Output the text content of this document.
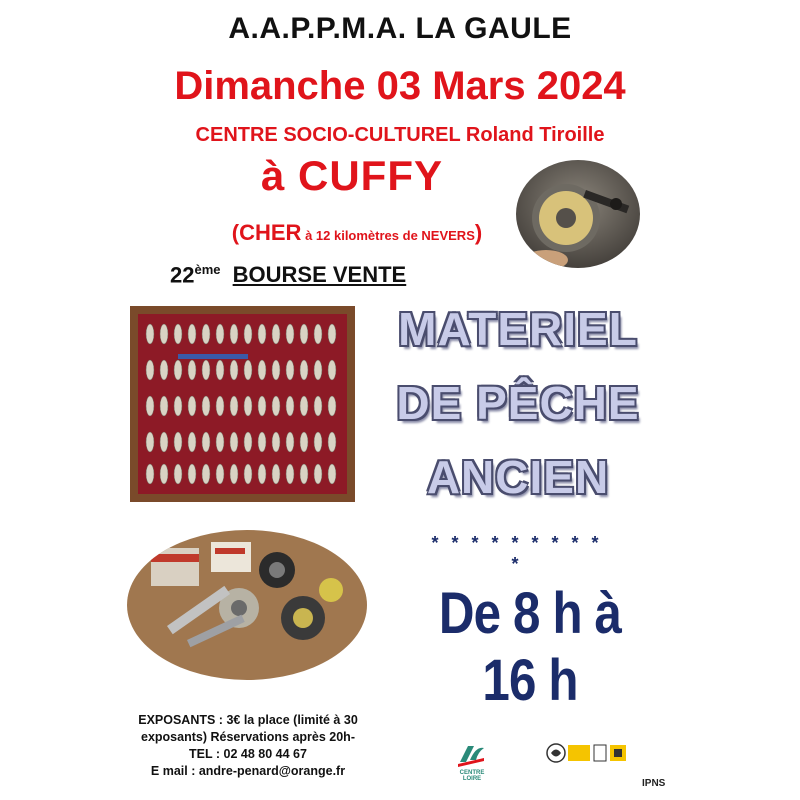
A.A.P.P.M.A. LA GAULE
Dimanche 03 Mars 2024
CENTRE SOCIO-CULTUREL Roland Tiroille
à CUFFY
(CHER à 12 kilomètres de NEVERS)
22ème BOURSE VENTE
MATERIEL
DE PÊCHE
ANCIEN
* * * * * * * * * *
De 8 h à 16 h
EXPOSANTS : 3€ la place (limité à 30
exposants) Réservations après 20h-
TEL : 02 48 80 44 67
E mail : andre-penard@orange.fr	CENTRE LOIRE	IPNS
